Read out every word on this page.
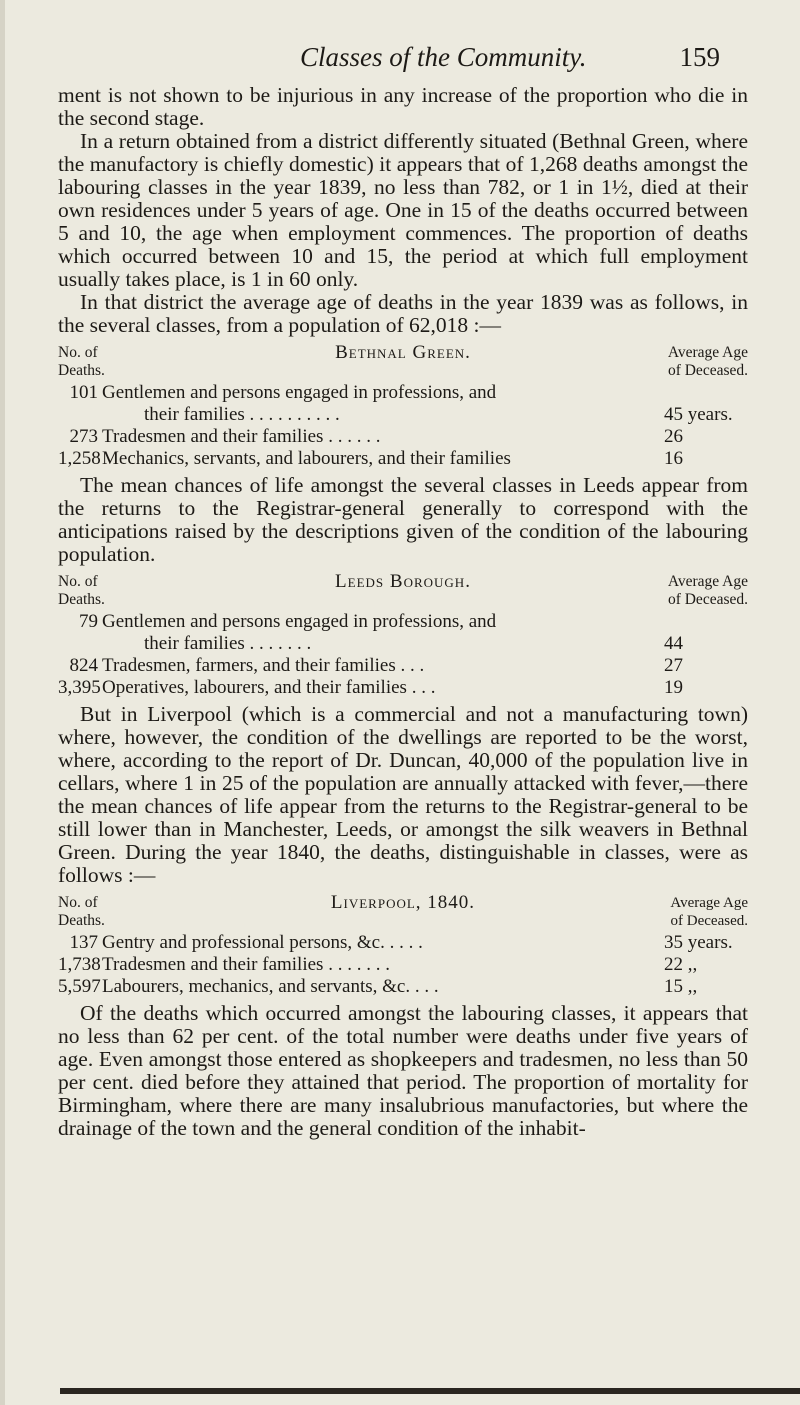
Classes of the Community.	159

ment is not shown to be injurious in any increase of the proportion who die in the second stage.

In a return obtained from a district differently situated (Bethnal Green, where the manufactory is chiefly domestic) it appears that of 1,268 deaths amongst the labouring classes in the year 1839, no less than 782, or 1 in 1½, died at their own residences under 5 years of age. One in 15 of the deaths occurred between 5 and 10, the age when employment commences. The proportion of deaths which occurred between 10 and 15, the period at which full employment usually takes place, is 1 in 60 only.

In that district the average age of deaths in the year 1839 was as follows, in the several classes, from a population of 62,018 :—

Bethnal Green.
No. of
Deaths.
Average Age
of Deceased.
101 Gentlemen and persons engaged in professions, and
their families . . . . . . . . . .	45 years.
273 Tradesmen and their families . . . . . .	26
1,258 Mechanics, servants, and labourers, and their families	16

The mean chances of life amongst the several classes in Leeds appear from the returns to the Registrar-general generally to correspond with the anticipations raised by the descriptions given of the condition of the labouring population.

Leeds Borough.
No. of
Deaths.
Average Age
of Deceased.
79 Gentlemen and persons engaged in professions, and
their families . . . . . . .	44
824 Tradesmen, farmers, and their families . . .	27
3,395 Operatives, labourers, and their families . . .	19

But in Liverpool (which is a commercial and not a manufacturing town) where, however, the condition of the dwellings are reported to be the worst, where, according to the report of Dr. Duncan, 40,000 of the population live in cellars, where 1 in 25 of the population are annually attacked with fever,—there the mean chances of life appear from the returns to the Registrar-general to be still lower than in Manchester, Leeds, or amongst the silk weavers in Bethnal Green. During the year 1840, the deaths, distinguishable in classes, were as follows :—

Liverpool, 1840.
No. of
Deaths.
Average Age
of Deceased.
137 Gentry and professional persons, &c. . . . .	35 years.
1,738 Tradesmen and their families . . . . . . .	22 ,,
5,597 Labourers, mechanics, and servants, &c. . . .	15 ,,

Of the deaths which occurred amongst the labouring classes, it appears that no less than 62 per cent. of the total number were deaths under five years of age. Even amongst those entered as shopkeepers and tradesmen, no less than 50 per cent. died before they attained that period. The proportion of mortality for Birmingham, where there are many insalubrious manufactories, but where the drainage of the town and the general condition of the inhabit-
